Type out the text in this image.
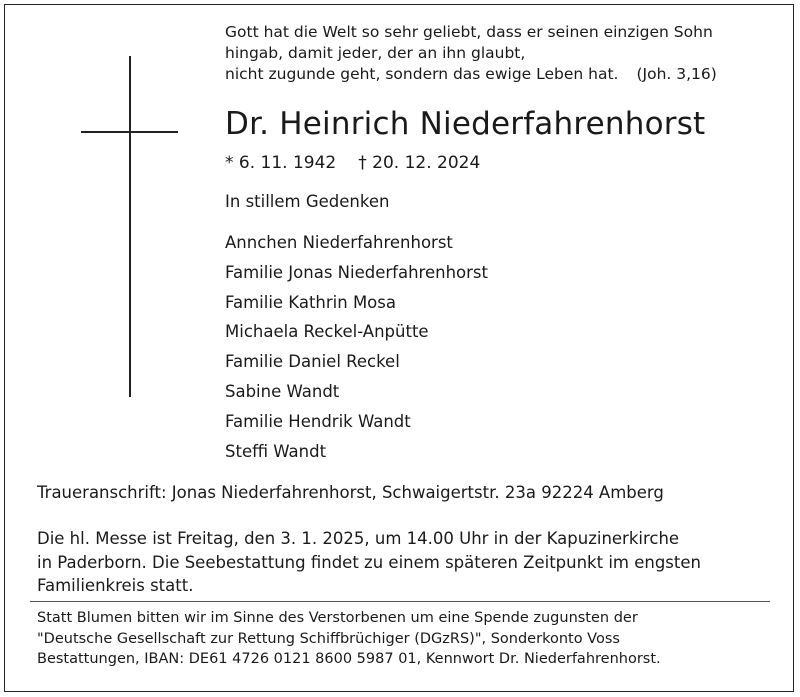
Gott hat die Welt so sehr geliebt, dass er seinen einzigen Sohn
hingab, damit jeder, der an ihn glaubt,
nicht zugunde geht, sondern das ewige Leben hat. (Joh. 3,16)
Dr. Heinrich Niederfahrenhorst
* 6. 11. 1942 † 20. 12. 2024
In stillem Gedenken
Annchen Niederfahrenhorst
Familie Jonas Niederfahrenhorst
Familie Kathrin Mosa
Michaela Reckel-Anpütte
Familie Daniel Reckel
Sabine Wandt
Familie Hendrik Wandt
Steffi Wandt
Traueranschrift: Jonas Niederfahrenhorst, Schwaigertstr. 23a 92224 Amberg
Die hl. Messe ist Freitag, den 3. 1. 2025, um 14.00 Uhr in der Kapuzinerkirche
in Paderborn. Die Seebestattung findet zu einem späteren Zeitpunkt im engsten
Familienkreis statt.
Statt Blumen bitten wir im Sinne des Verstorbenen um eine Spende zugunsten der
"Deutsche Gesellschaft zur Rettung Schiffbrüchiger (DGzRS)", Sonderkonto Voss
Bestattungen, IBAN: DE61 4726 0121 8600 5987 01, Kennwort Dr. Niederfahrenhorst.
